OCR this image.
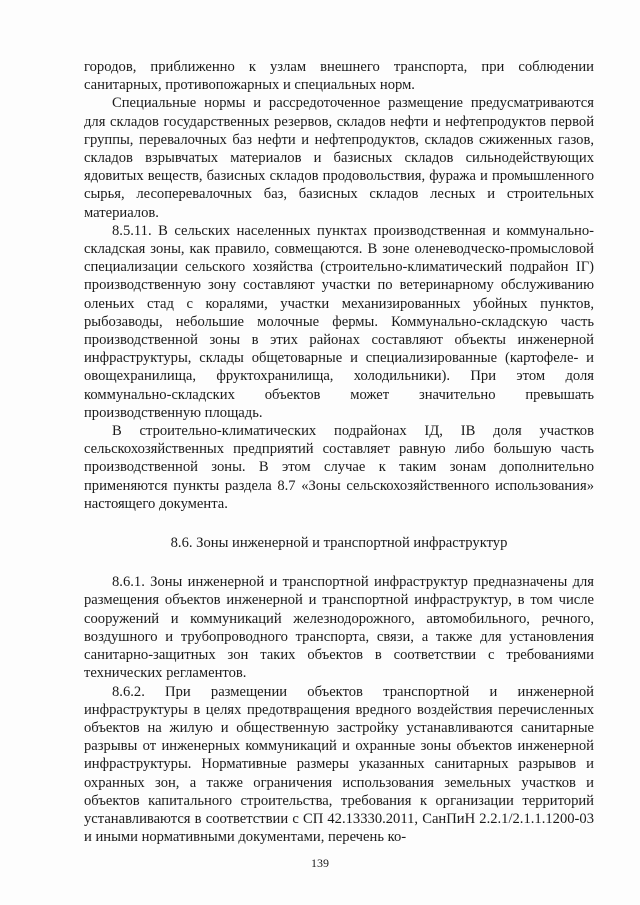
городов, приближенно к узлам внешнего транспорта, при соблюдении санитарных, противопожарных и специальных норм.

Специальные нормы и рассредоточенное размещение предусматриваются для складов государственных резервов, складов нефти и нефтепродуктов первой группы, перевалочных баз нефти и нефтепродуктов, складов сжиженных газов, складов взрывчатых материалов и базисных складов сильнодействующих ядовитых веществ, базисных складов продовольствия, фуража и промышленного сырья, лесоперевалочных баз, базисных складов лесных и строительных материалов.

8.5.11. В сельских населенных пунктах производственная и коммунально-складская зоны, как правило, совмещаются. В зоне оленеводческо-промысловой специализации сельского хозяйства (строительно-климатический подрайон IГ) производственную зону составляют участки по ветеринарному обслуживанию оленьих стад с коралями, участки механизированных убойных пунктов, рыбозаводы, небольшие молочные фермы. Коммунально-складскую часть производственной зоны в этих районах составляют объекты инженерной инфраструктуры, склады общетоварные и специализированные (картофеле- и овощехранилища, фруктохранилища, холодильники). При этом доля коммунально-складских объектов может значительно превышать производственную площадь.

В строительно-климатических подрайонах IД, IВ доля участков сельскохозяйственных предприятий составляет равную либо большую часть производственной зоны. В этом случае к таким зонам дополнительно применяются пункты раздела 8.7 «Зоны сельскохозяйственного использования» настоящего документа.

8.6. Зоны инженерной и транспортной инфраструктур

8.6.1. Зоны инженерной и транспортной инфраструктур предназначены для размещения объектов инженерной и транспортной инфраструктур, в том числе сооружений и коммуникаций железнодорожного, автомобильного, речного, воздушного и трубопроводного транспорта, связи, а также для установления санитарно-защитных зон таких объектов в соответствии с требованиями технических регламентов.

8.6.2. При размещении объектов транспортной и инженерной инфраструктуры в целях предотвращения вредного воздействия перечисленных объектов на жилую и общественную застройку устанавливаются санитарные разрывы от инженерных коммуникаций и охранные зоны объектов инженерной инфраструктуры. Нормативные размеры указанных санитарных разрывов и охранных зон, а также ограничения использования земельных участков и объектов капитального строительства, требования к организации территорий устанавливаются в соответствии с СП 42.13330.2011, СанПиН 2.2.1/2.1.1.1200-03 и иными нормативными документами, перечень ко-

139
